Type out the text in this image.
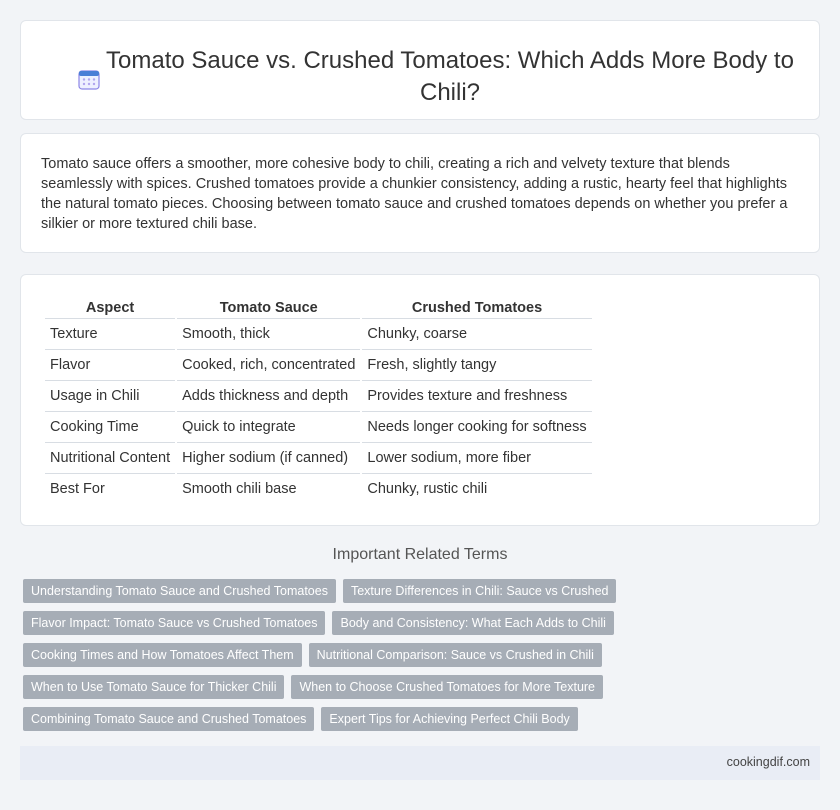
Tomato Sauce vs. Crushed Tomatoes: Which Adds More Body to Chili?

Tomato sauce offers a smoother, more cohesive body to chili, creating a rich and velvety texture that blends seamlessly with spices. Crushed tomatoes provide a chunkier consistency, adding a rustic, hearty feel that highlights the natural tomato pieces. Choosing between tomato sauce and crushed tomatoes depends on whether you prefer a silkier or more textured chili base.

Aspect	Tomato Sauce	Crushed Tomatoes
Texture	Smooth, thick	Chunky, coarse
Flavor	Cooked, rich, concentrated	Fresh, slightly tangy
Usage in Chili	Adds thickness and depth	Provides texture and freshness
Cooking Time	Quick to integrate	Needs longer cooking for softness
Nutritional Content	Higher sodium (if canned)	Lower sodium, more fiber
Best For	Smooth chili base	Chunky, rustic chili
Important Related Terms
Understanding Tomato Sauce and Crushed Tomatoes	Texture Differences in Chili: Sauce vs Crushed
Flavor Impact: Tomato Sauce vs Crushed Tomatoes	Body and Consistency: What Each Adds to Chili
Cooking Times and How Tomatoes Affect Them	Nutritional Comparison: Sauce vs Crushed in Chili
When to Use Tomato Sauce for Thicker Chili	When to Choose Crushed Tomatoes for More Texture
Combining Tomato Sauce and Crushed Tomatoes	Expert Tips for Achieving Perfect Chili Body
cookingdif.com
